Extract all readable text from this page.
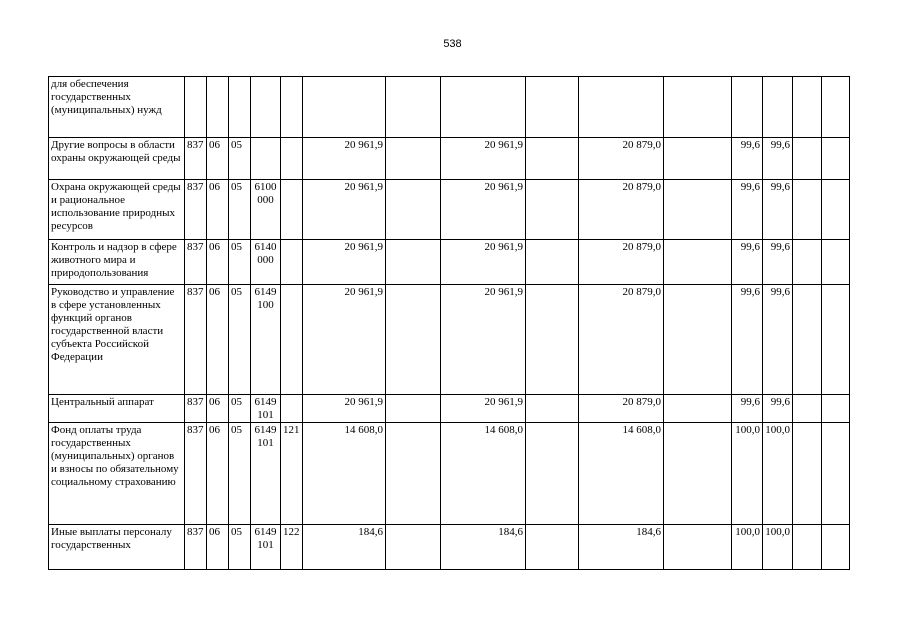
538
для обеспечения государственных (муниципальных) нужд															
Другие вопросы в области охраны окружающей среды	837	06	05			20 961,9		20 961,9		20 879,0		99,6	99,6		
Охрана окружающей среды и рациональное использование природных ресурсов	837	06	05	6100 000		20 961,9		20 961,9		20 879,0		99,6	99,6		
Контроль и надзор в сфере животного мира и природопользования	837	06	05	6140 000		20 961,9		20 961,9		20 879,0		99,6	99,6		
Руководство и управление в сфере установленных функций органов государственной власти субъекта Российской Федерации	837	06	05	6149 100		20 961,9		20 961,9		20 879,0		99,6	99,6		
Центральный аппарат	837	06	05	6149 101		20 961,9		20 961,9		20 879,0		99,6	99,6		
Фонд оплаты труда государственных (муниципальных) органов и взносы по обязательному социальному страхованию	837	06	05	6149 101	121	14 608,0		14 608,0		14 608,0		100,0	100,0		
Иные выплаты персоналу государственных	837	06	05	6149 101	122	184,6		184,6		184,6		100,0	100,0		
